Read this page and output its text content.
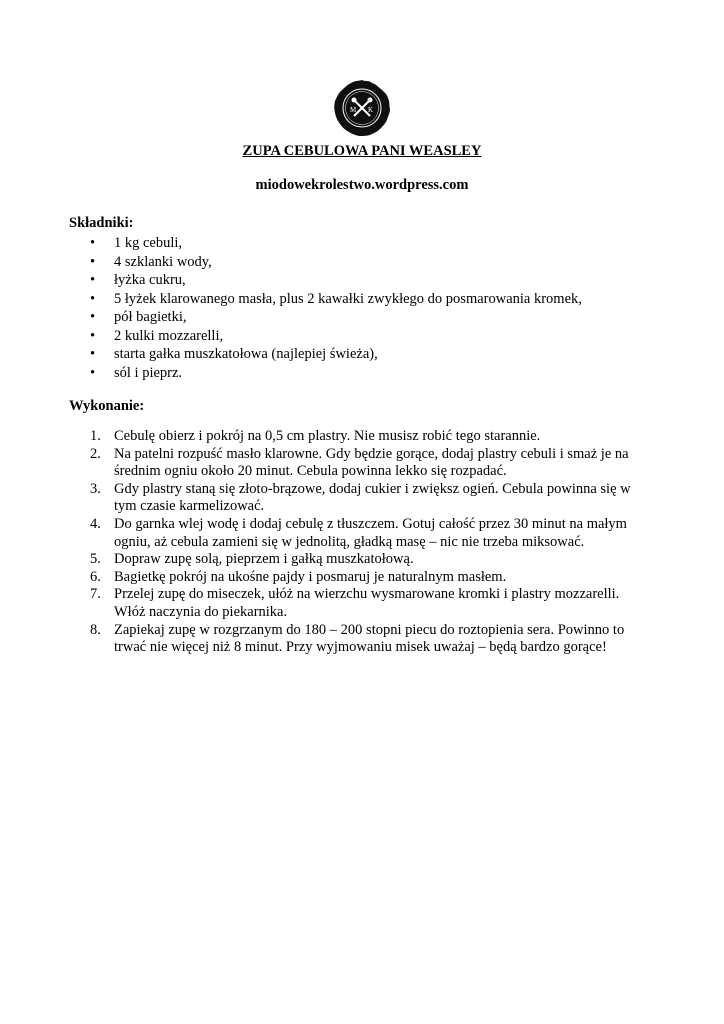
M K
ZUPA CEBULOWA PANI WEASLEY
miodowekrolestwo.wordpress.com
Składniki:
• 1 kg cebuli,
• 4 szklanki wody,
• łyżka cukru,
• 5 łyżek klarowanego masła, plus 2 kawałki zwykłego do posmarowania kromek,
• pół bagietki,
• 2 kulki mozzarelli,
• starta gałka muszkatołowa (najlepiej świeża),
• sól i pieprz.
Wykonanie:
1. Cebulę obierz i pokrój na 0,5 cm plastry. Nie musisz robić tego starannie.
2. Na patelni rozpuść masło klarowne. Gdy będzie gorące, dodaj plastry cebuli i smaż je na średnim ogniu około 20 minut. Cebula powinna lekko się rozpadać.
3. Gdy plastry staną się złoto-brązowe, dodaj cukier i zwiększ ogień. Cebula powinna się w tym czasie karmelizować.
4. Do garnka wlej wodę i dodaj cebulę z tłuszczem. Gotuj całość przez 30 minut na małym ogniu, aż cebula zamieni się w jednolitą, gładką masę – nic nie trzeba miksować.
5. Dopraw zupę solą, pieprzem i gałką muszkatołową.
6. Bagietkę pokrój na ukośne pajdy i posmaruj je naturalnym masłem.
7. Przelej zupę do miseczek, ułóż na wierzchu wysmarowane kromki i plastry mozzarelli. Włóż naczynia do piekarnika.
8. Zapiekaj zupę w rozgrzanym do 180 – 200 stopni piecu do roztopienia sera. Powinno to trwać nie więcej niż 8 minut. Przy wyjmowaniu misek uważaj – będą bardzo gorące!
